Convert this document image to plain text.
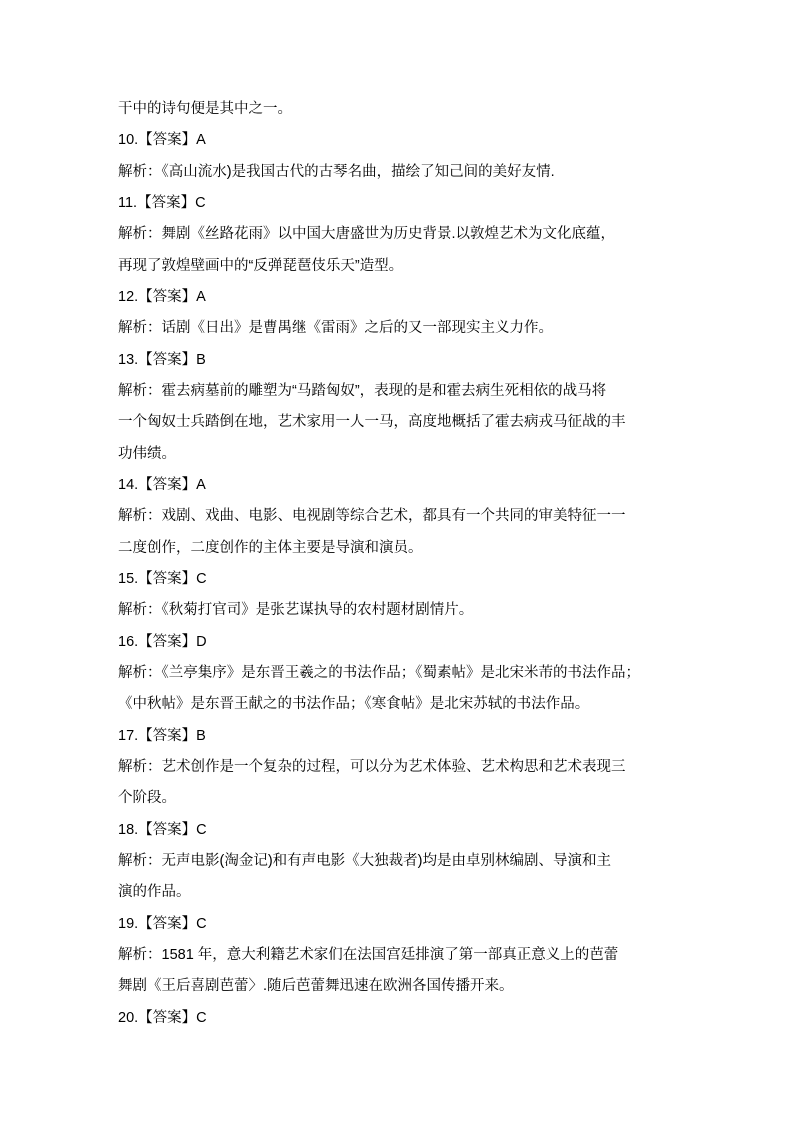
干中的诗句便是其中之一。

10.【答案】A

解析：《高山流水)是我国古代的古琴名曲，描绘了知己间的美好友情.

11.【答案】C

解析：舞剧《丝路花雨》以中国大唐盛世为历史背景.以敦煌艺术为文化底蕴，

再现了敦煌壁画中的“反弹琵琶伎乐天”造型。

12.【答案】A

解析：话剧《日出》是曹禺继《雷雨》之后的又一部现实主义力作。

13.【答案】B

解析：霍去病墓前的雕塑为“马踏匈奴”，表现的是和霍去病生死相依的战马将

一个匈奴士兵踏倒在地，艺术家用一人一马，高度地概括了霍去病戎马征战的丰

功伟绩。

14.【答案】A

解析：戏剧、戏曲、电影、电视剧等综合艺术，都具有一个共同的审美特征一一

二度创作，二度创作的主体主要是导演和演员。

15.【答案】C

解析：《秋菊打官司》是张艺谋执导的农村题材剧情片。

16.【答案】D

解析：《兰亭集序》是东晋王羲之的书法作品；《蜀素帖》是北宋米芾的书法作品；

《中秋帖》是东晋王献之的书法作品；《寒食帖》是北宋苏轼的书法作品。

17.【答案】B

解析：艺术创作是一个复杂的过程，可以分为艺术体验、艺术构思和艺术表现三

个阶段。

18.【答案】C

解析：无声电影(淘金记)和有声电影《大独裁者)均是由卓别林编剧、导演和主

演的作品。

19.【答案】C

解析：1581 年，意大利籍艺术家们在法国宫廷排演了第一部真正意义上的芭蕾

舞剧《王后喜剧芭蕾〉.随后芭蕾舞迅速在欧洲各国传播开来。

20.【答案】C
